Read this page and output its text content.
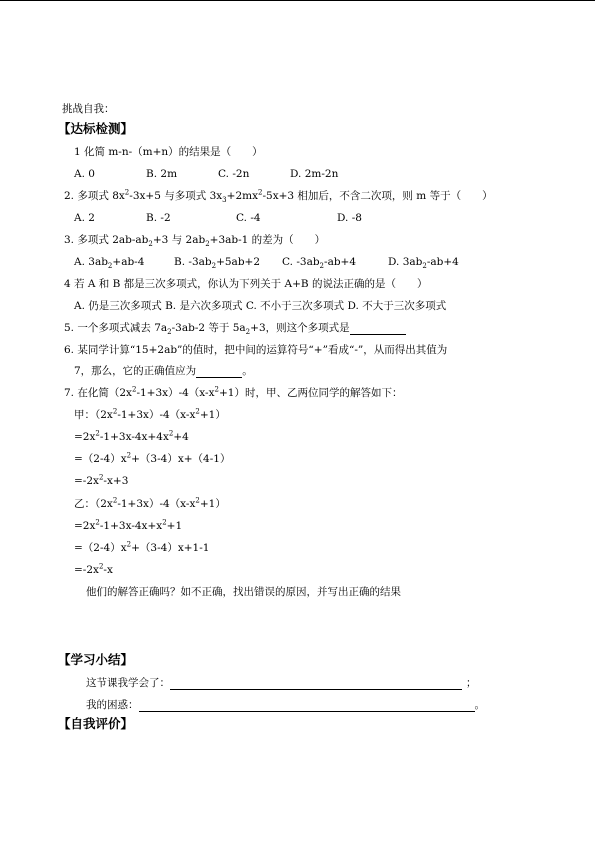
挑战自我：
【达标检测】
1 化简 m-n-（m+n）的结果是（　　）
A. 0	B. 2m	C. -2n	D. 2m-2n
2. 多项式 $8x^2-3x+5$ 与多项式 $3x_3+2mx^2-5x+3$ 相加后，不含二次项，则 m 等于（　　）
A. 2	B. -2	C. -4	D. -8
3. 多项式 $2ab-ab_2+3$ 与 $2ab_2+3ab-1$ 的差为（　　）
A. $3ab_2+ab-4$	B. $-3ab_2+5ab+2$ C. $-3ab_2-ab+4$	D. $3ab_2-ab+4$
4 若 A 和 B 都是三次多项式，你认为下列关于 A+B 的说法正确的是（　　）
A. 仍是三次多项式 B. 是六次多项式 C. 不小于三次多项式 D. 不大于三次多项式
5. 一个多项式减去 $7a_2-3ab-2$ 等于 $5a_2+3$，则这个多项式是
6. 某同学计算“15+2ab”的值时，把中间的运算符号“+”看成“-”，从而得出其值为
7，那么，它的正确值应为	。
7. 在化简$(2x^2-1+3x)-4(x-x^2+1)$时，甲、乙两位同学的解答如下：
甲：$(2x^2-1+3x)-4(x-x^2+1)$
$=2x^2-1+3x-4x+4x^2+4$
$=(2-4)x^2+(3-4)x+(4-1)$
$=-2x^2-x+3$
乙：$(2x^2-1+3x)-4(x-x^2+1)$
$=2x^2-1+3x-4x+x^2+1$
$=(2-4)x^2+(3-4)x+1-1$
$=-2x^2-x$
他们的解答正确吗？如不正确，找出错误的原因，并写出正确的结果
【学习小结】
这节课我学会了：	；
我的困惑：	。
【自我评价】
